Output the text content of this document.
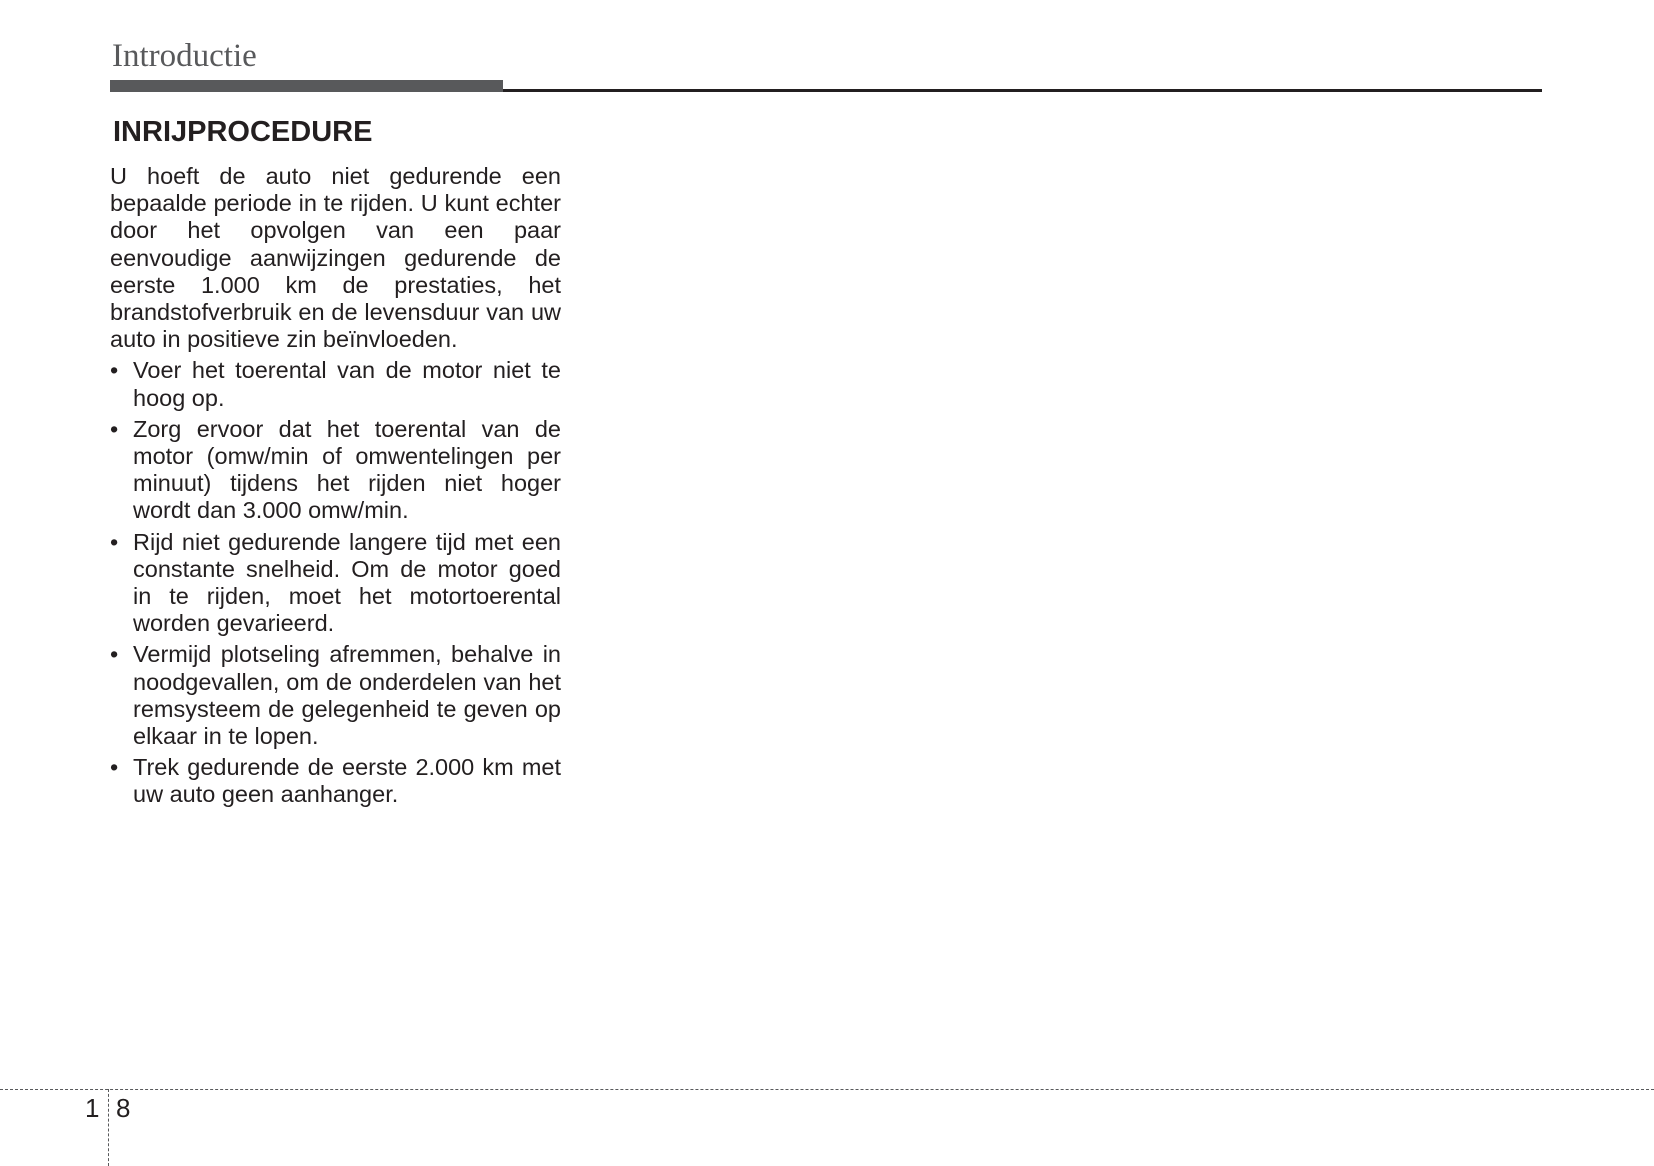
Introductie
INRIJPROCEDURE

U hoeft de auto niet gedurende een bepaalde periode in te rijden. U kunt echter door het opvolgen van een paar eenvoudige aanwijzingen gedurende de eerste 1.000 km de prestaties, het brandstofverbruik en de levensduur van uw auto in positieve zin beïnvloeden.

• Voer het toerental van de motor niet te hoog op.
• Zorg ervoor dat het toerental van de motor (omw/min of omwentelingen per minuut) tijdens het rijden niet hoger wordt dan 3.000 omw/min.
• Rijd niet gedurende langere tijd met een constante snelheid. Om de motor goed in te rijden, moet het motortoerental worden gevarieerd.
• Vermijd plotseling afremmen, behalve in noodgevallen, om de onderdelen van het remsysteem de gelegenheid te geven op elkaar in te lopen.
• Trek gedurende de eerste 2.000 km met uw auto geen aanhanger.
1 8
